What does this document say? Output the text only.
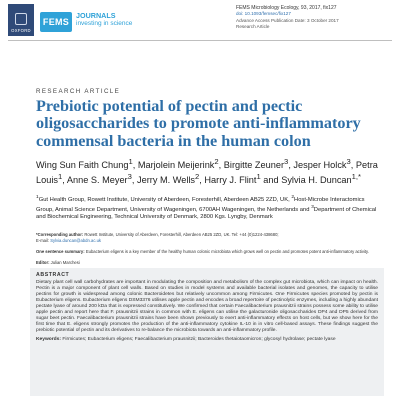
OXFORD
FEMS
JOURNALS
investing in science
FEMS Microbiology Ecology, 93, 2017, fix127
doi: 10.1093/femsec/fix127
Advance Access Publication Date: 3 October 2017
Research Article
RESEARCH ARTICLE
Prebiotic potential of pectin and pectic oligosaccharides to promote anti-inflammatory commensal bacteria in the human colon
Wing Sun Faith Chung$^1$, Marjolein Meijerink$^2$, Birgitte Zeuner$^3$, Jesper Holck$^3$, Petra Louis$^1$, Anne S. Meyer$^3$, Jerry M. Wells$^2$, Harry J. Flint$^1$ and Sylvia H. Duncan$^{1,*}$
$^1$Gut Health Group, Rowett Institute, University of Aberdeen, Foresterhill, Aberdeen AB25 2ZD, UK, $^2$Host-Microbe Interactomics Group, Animal Science Department, University of Wageningen, 6700AH Wageningen, the Netherlands and $^3$Department of Chemical and Biochemical Engineering, Technical University of Denmark, 2800 Kgs. Lyngby, Denmark
*Corresponding author: Rowett Institute, University of Aberdeen, Foresterhill, Aberdeen AB25 2ZD, UK. Tel: +44 (0)1224-438680;
E-mail: Sylvia.duncan@abdn.ac.uk
One sentence summary: Eubacterium eligens is a key member of the healthy human colonic microbiota which grows well on pectin and promotes potent anti-inflammatory activity.
Editor: Julian Marchesi
ABSTRACT
Dietary plant cell wall carbohydrates are important in modulating the composition and metabolism of the complex gut microbiota, which can impact on health. Pectin is a major component of plant cell walls. Based on studies in model systems and available bacterial isolates and genomes, the capacity to utilise pectins for growth is widespread among colonic Bacteroidetes but relatively uncommon among Firmicutes. One Firmicutes species promoted by pectin is Eubacterium eligens. Eubacterium eligens DSM3376 utilises apple pectin and encodes a broad repertoire of pectinolytic enzymes, including a highly abundant pectate lyase of around 200 kDa that is expressed constitutively. We confirmed that certain Faecalibacterium prausnitzii strains possess some ability to utilise apple pectin and report here that F. prausnitzii strains in common with E. eligens can utilise the galacturonide oligosaccharides DP4 and DP5 derived from sugar beet pectin. Faecalibacterium prausnitzii strains have been shown previously to exert anti-inflammatory effects on host cells, but we show here for the first time that E. eligens strongly promotes the production of the anti-inflammatory cytokine IL-10 in in vitro cell-based assays. These findings suggest the prebiotic potential of pectin and its derivatives to re-balance the microbiota towards an anti-inflammatory profile.
Keywords: Firmicutes; Eubacterium eligens; Faecalibacterium prausnitzii; Bacteroides thetaiotaomicron; glycosyl hydrolase; pectate lyase
